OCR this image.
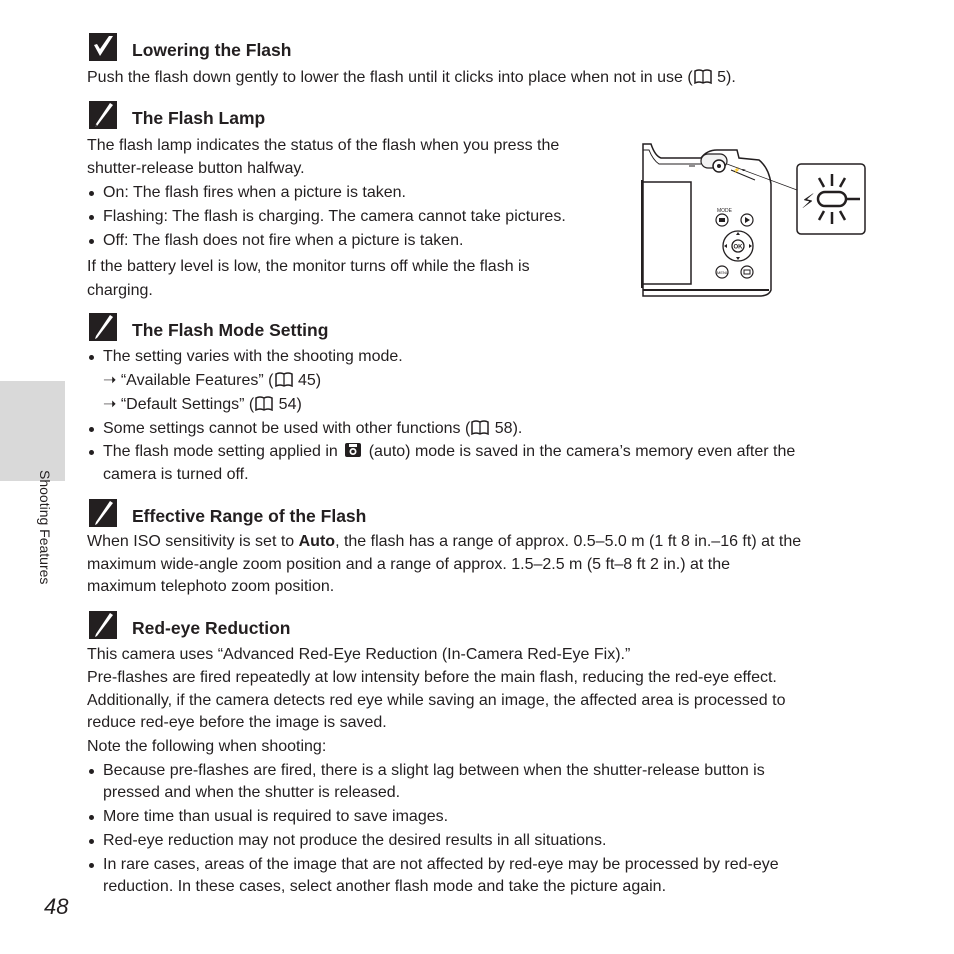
Shooting Features
48
Lowering the Flash
Push the flash down gently to lower the flash until it clicks into place when not in use ( 5).
The Flash Lamp
The flash lamp indicates the status of the flash when you press the
shutter-release button halfway.
On: The flash fires when a picture is taken.
Flashing: The flash is charging. The camera cannot take pictures.
Off: The flash does not fire when a picture is taken.
If the battery level is low, the monitor turns off while the flash is
charging.
⚡ =
MODE
OK
MENU
⚡
The Flash Mode Setting
The setting varies with the shooting mode.
➝ “Available Features” ( 45)
➝ “Default Settings” ( 54)
Some settings cannot be used with other functions ( 58).
The flash mode setting applied in  (auto) mode is saved in the camera’s memory even after the
camera is turned off.
Effective Range of the Flash
When ISO sensitivity is set to Auto, the flash has a range of approx. 0.5–5.0 m (1 ft 8 in.–16 ft) at the
maximum wide-angle zoom position and a range of approx. 1.5–2.5 m (5 ft–8 ft 2 in.) at the
maximum telephoto zoom position.
Red-eye Reduction
This camera uses “Advanced Red-Eye Reduction (In-Camera Red-Eye Fix).”
Pre-flashes are fired repeatedly at low intensity before the main flash, reducing the red-eye effect.
Additionally, if the camera detects red eye while saving an image, the affected area is processed to
reduce red-eye before the image is saved.
Note the following when shooting:
Because pre-flashes are fired, there is a slight lag between when the shutter-release button is
pressed and when the shutter is released.
More time than usual is required to save images.
Red-eye reduction may not produce the desired results in all situations.
In rare cases, areas of the image that are not affected by red-eye may be processed by red-eye
reduction. In these cases, select another flash mode and take the picture again.
